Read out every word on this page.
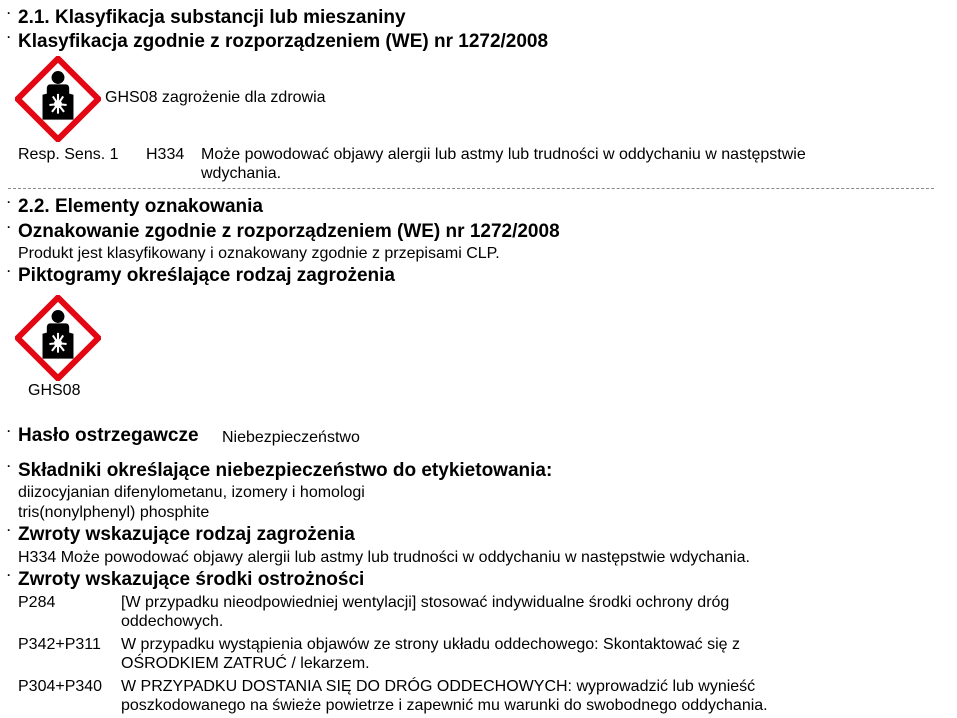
· 2.1. Klasyfikacja substancji lub mieszaniny
· Klasyfikacja zgodnie z rozporządzeniem (WE) nr 1272/2008
GHS08 zagrożenie dla zdrowia
Resp. Sens. 1 H334 Może powodować objawy alergii lub astmy lub trudności w oddychaniu w następstwie
wdychania.
· 2.2. Elementy oznakowania
· Oznakowanie zgodnie z rozporządzeniem (WE) nr 1272/2008
Produkt jest klasyfikowany i oznakowany zgodnie z przepisami CLP.
· Piktogramy określające rodzaj zagrożenia
GHS08
· Hasło ostrzegawcze Niebezpieczeństwo
· Składniki określające niebezpieczeństwo do etykietowania:
diizocyjanian difenylometanu, izomery i homologi
tris(nonylphenyl) phosphite
· Zwroty wskazujące rodzaj zagrożenia
H334 Może powodować objawy alergii lub astmy lub trudności w oddychaniu w następstwie wdychania.
· Zwroty wskazujące środki ostrożności
P284	[W przypadku nieodpowiedniej wentylacji] stosować indywidualne środki ochrony dróg
oddechowych.
P342+P311 W przypadku wystąpienia objawów ze strony układu oddechowego: Skontaktować się z
OŚRODKIEM ZATRUĆ / lekarzem.
P304+P340 W PRZYPADKU DOSTANIA SIĘ DO DRÓG ODDECHOWYCH: wyprowadzić lub wynieść
poszkodowanego na świeże powietrze i zapewnić mu warunki do swobodnego oddychania.
